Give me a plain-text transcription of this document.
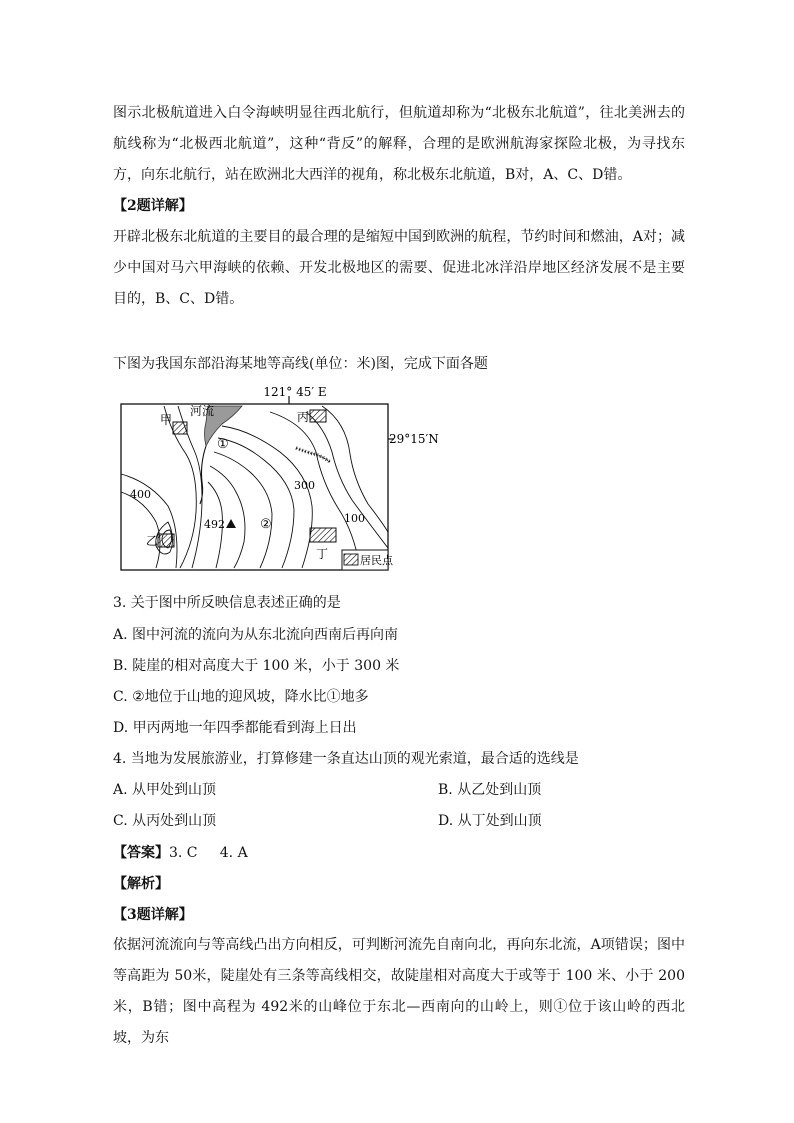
图示北极航道进入白令海峡明显往西北航行，但航道却称为“北极东北航道”，往北美洲去的航线称为“北极西北航道”，这种“背反”的解释，合理的是欧洲航海家探险北极，为寻找东方，向东北航行，站在欧洲北大西洋的视角，称北极东北航道，B对，A、C、D错。

【2题详解】

开辟北极东北航道的主要目的最合理的是缩短中国到欧洲的航程，节约时间和燃油，A对；减少中国对马六甲海峡的依赖、开发北极地区的需要、促进北冰洋沿岸地区经济发展不是主要目的，B、C、D错。

下图为我国东部沿海某地等高线(单位：米)图，完成下面各题

121° 45′ E
29°15′N
甲
河流	丙
乙
丁
①
②
492
400
300
100
居民点

3. 关于图中所反映信息表述正确的是

A. 图中河流的流向为从东北流向西南后再向南

B. 陡崖的相对高度大于 100 米，小于 300 米

C. ②地位于山地的迎风坡，降水比①地多

D. 甲丙两地一年四季都能看到海上日出

4. 当地为发展旅游业，打算修建一条直达山顶的观光索道，最合适的选线是

A. 从甲处到山顶	B. 从乙处到山顶

C. 从丙处到山顶	D. 从丁处到山顶

【答案】3. C     4. A

【解析】

【3题详解】

依据河流流向与等高线凸出方向相反，可判断河流先自南向北，再向东北流，A项错误；图中等高距为 50米，陡崖处有三条等高线相交，故陡崖相对高度大于或等于 100 米、小于 200 米，B错；图中高程为 492米的山峰位于东北—西南向的山岭上，则①位于该山岭的西北坡，为东
